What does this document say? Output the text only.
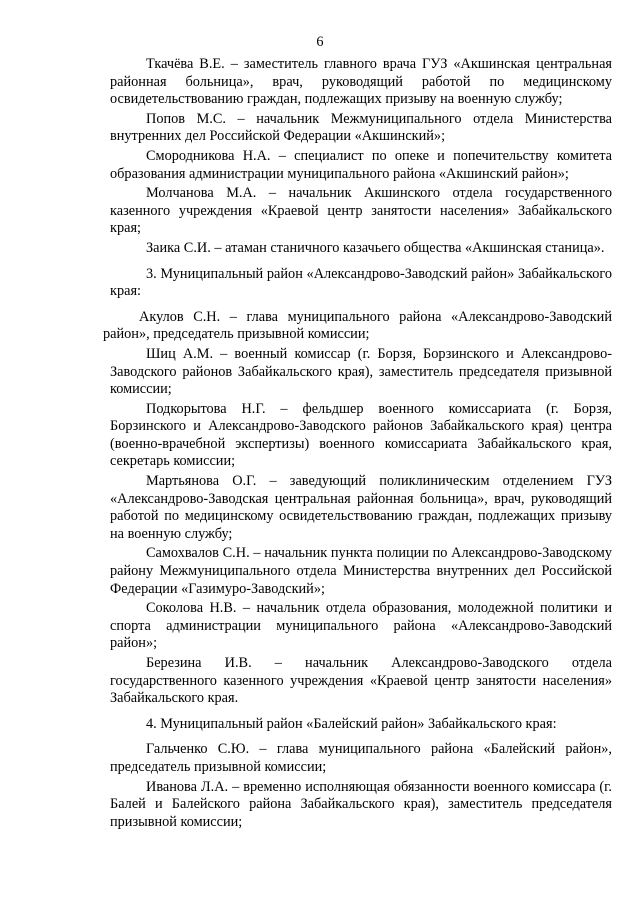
6

Ткачёва В.Е. – заместитель главного врача ГУЗ «Акшинская центральная районная больница», врач, руководящий работой по медицинскому освидетельствованию граждан, подлежащих призыву на военную службу;

Попов М.С. – начальник Межмуниципального отдела Министерства внутренних дел Российской Федерации «Акшинский»;

Смородникова Н.А. – специалист по опеке и попечительству комитета образования администрации муниципального района «Акшинский район»;

Молчанова М.А. – начальник Акшинского отдела государственного казенного учреждения «Краевой центр занятости населения» Забайкальского края;

Заика С.И. – атаман станичного казачьего общества «Акшинская станица».

3. Муниципальный район «Александрово-Заводский район» Забайкальского края:

Акулов С.Н. – глава муниципального района «Александрово-Заводский район», председатель призывной комиссии;

Шиц А.М. – военный комиссар (г. Борзя, Борзинского и Александрово-Заводского районов Забайкальского края), заместитель председателя призывной комиссии;

Подкорытова Н.Г. – фельдшер военного комиссариата (г. Борзя, Борзинского и Александрово-Заводского районов Забайкальского края) центра (военно-врачебной экспертизы) военного комиссариата Забайкальского края, секретарь комиссии;

Мартьянова О.Г. – заведующий поликлиническим отделением ГУЗ «Александрово-Заводская центральная районная больница», врач, руководящий работой по медицинскому освидетельствованию граждан, подлежащих призыву на военную службу;

Самохвалов С.Н. – начальник пункта полиции по Александрово-Заводскому району Межмуниципального отдела Министерства внутренних дел Российской Федерации «Газимуро-Заводский»;

Соколова Н.В. – начальник отдела образования, молодежной политики и спорта администрации муниципального района «Александрово-Заводский район»;

Березина И.В. – начальник Александрово-Заводского отдела государственного казенного учреждения «Краевой центр занятости населения» Забайкальского края.

4. Муниципальный район «Балейский район» Забайкальского края:

Гальченко С.Ю. – глава муниципального района «Балейский район», председатель призывной комиссии;

Иванова Л.А. – временно исполняющая обязанности военного комиссара (г. Балей и Балейского района Забайкальского края), заместитель председателя призывной комиссии;
